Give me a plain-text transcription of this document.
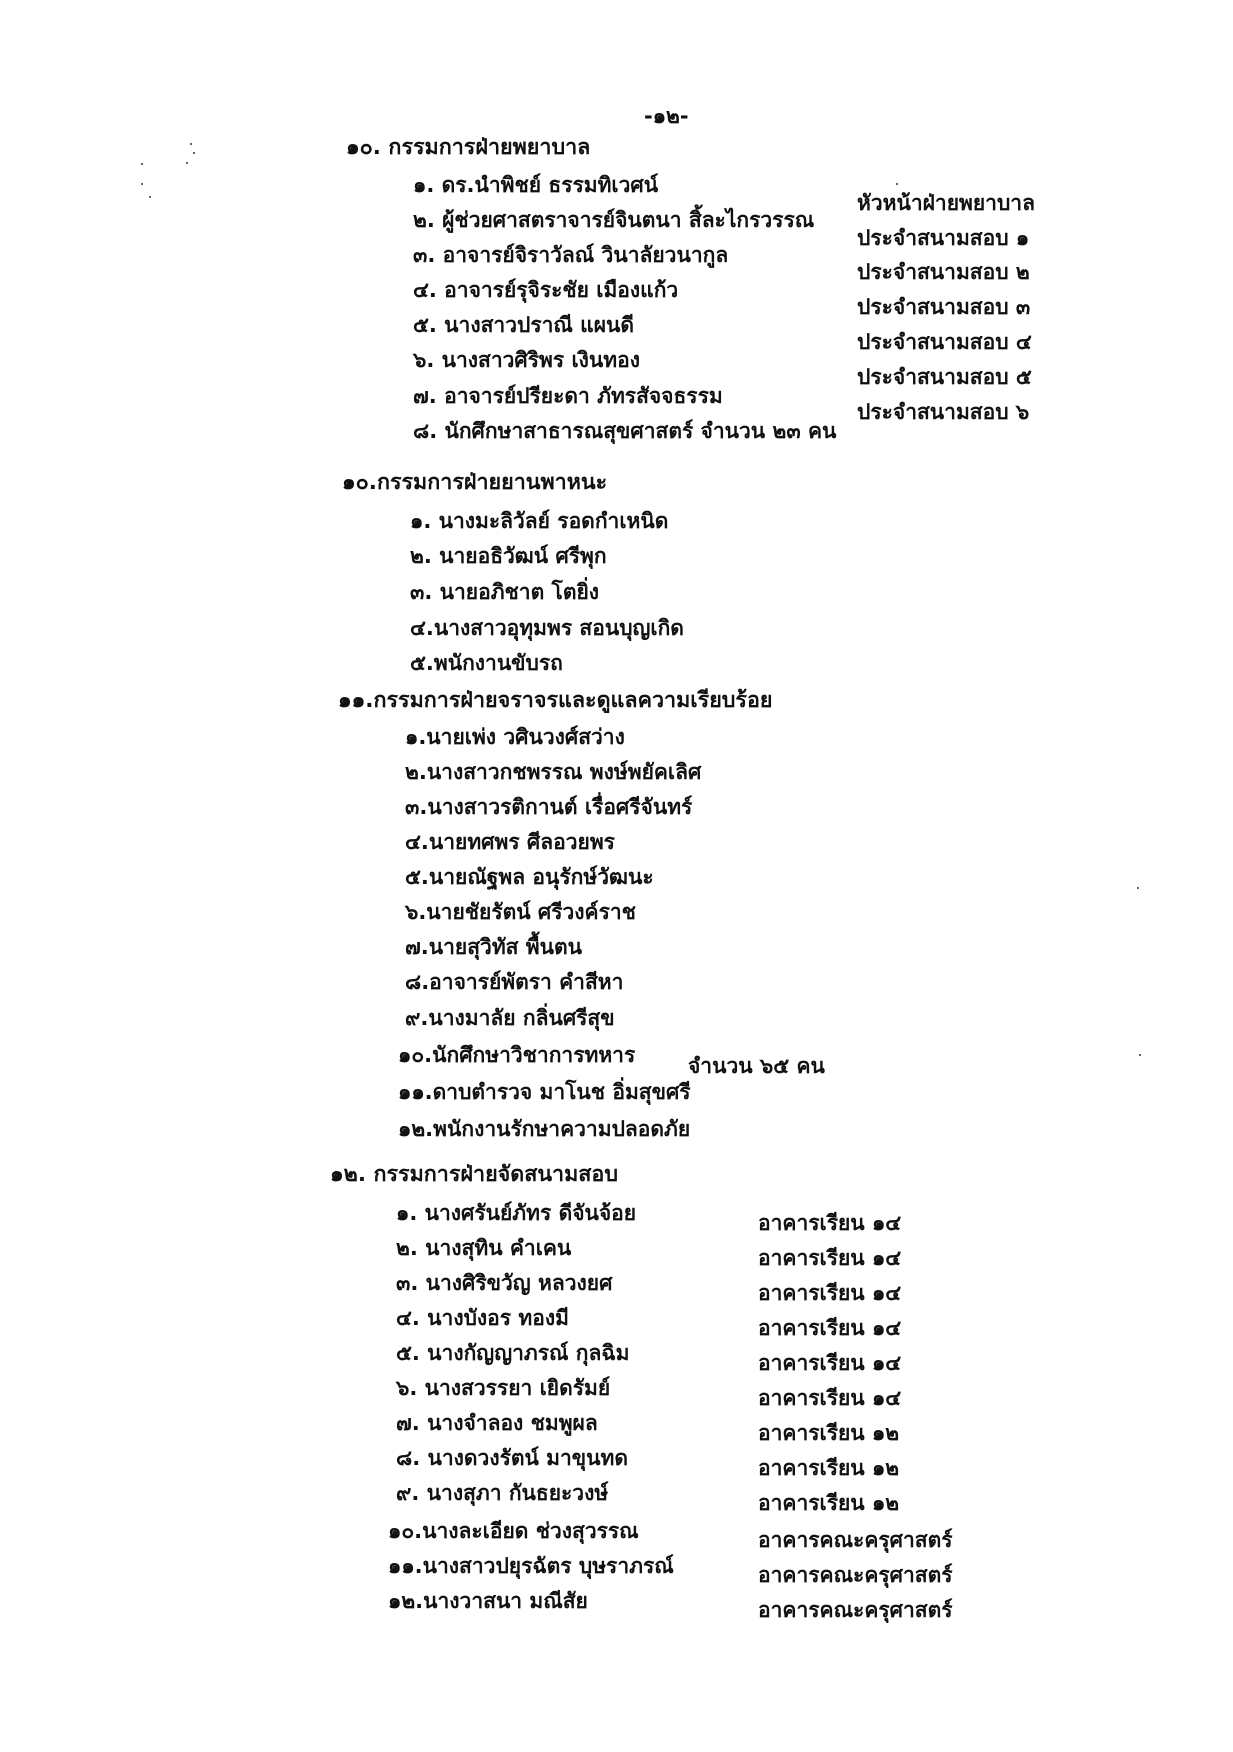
-๑๒-
๑๐. กรรมการฝ่ายพยาบาล
๑. ดร.นำพิชย์ ธรรมทิเวศน์
๒. ผู้ช่วยศาสตราจารย์จินตนา สิ้ละไกรวรรณ
๓. อาจารย์จิราวัลณ์ วินาลัยวนากูล
๔. อาจารย์รุจิระชัย เมืองแก้ว
๕. นางสาวปราณี แผนดี
๖. นางสาวศิริพร เงินทอง
๗. อาจารย์ปรียะดา ภัทรสัจจธรรม
๘. นักศึกษาสาธารณสุขศาสตร์ จำนวน ๒๓ คน
หัวหน้าฝ่ายพยาบาล
ประจำสนามสอบ ๑
ประจำสนามสอบ ๒
ประจำสนามสอบ ๓
ประจำสนามสอบ ๔
ประจำสนามสอบ ๕
ประจำสนามสอบ ๖
๑๐.กรรมการฝ่ายยานพาหนะ
๑. นางมะลิวัลย์ รอดกำเหนิด
๒. นายอธิวัฒน์ ศรีพุก
๓. นายอภิชาต โตยิ่ง
๔.นางสาวอุทุมพร สอนบุญเกิด
๕.พนักงานขับรถ
๑๑.กรรมการฝ่ายจราจรและดูแลความเรียบร้อย
๑.นายเพ่ง วศินวงศ์สว่าง
๒.นางสาวกชพรรณ พงษ์พยัคเลิศ
๓.นางสาวรติกานต์ เรื่อศรีจันทร์
๔.นายทศพร ศีลอวยพร
๕.นายณัฐพล อนุรักษ์วัฒนะ
๖.นายชัยรัตน์ ศรีวงค์ราช
๗.นายสุวิทัส พื้นตน
๘.อาจารย์พัตรา คำสีหา
๙.นางมาลัย กลิ่นศรีสุข
๑๐.นักศึกษาวิชาการทหาร	จำนวน ๖๕ คน
๑๑.ดาบตำรวจ มาโนช อิ่มสุขศรี
๑๒.พนักงานรักษาความปลอดภัย
๑๒. กรรมการฝ่ายจัดสนามสอบ
๑. นางศรันย์ภัทร ดีจันจ้อย
๒. นางสุทิน คำเคน
๓. นางศิริขวัญ หลวงยศ
๔. นางบังอร ทองมี
๕. นางกัญญาภรณ์ กุลฉิม
๖. นางสวรรยา เยิดรัมย์
๗. นางจำลอง ชมพูผล
๘. นางดวงรัตน์ มาขุนทด
๙. นางสุภา กันธยะวงษ์
๑๐.นางละเอียด ช่วงสุวรรณ
๑๑.นางสาวปยุรฉัตร บุษราภรณ์
๑๒.นางวาสนา มณีสัย
อาคารเรียน ๑๔
อาคารเรียน ๑๔
อาคารเรียน ๑๔
อาคารเรียน ๑๔
อาคารเรียน ๑๔
อาคารเรียน ๑๔
อาคารเรียน ๑๒
อาคารเรียน ๑๒
อาคารเรียน ๑๒
อาคารคณะครุศาสตร์
อาคารคณะครุศาสตร์
อาคารคณะครุศาสตร์
